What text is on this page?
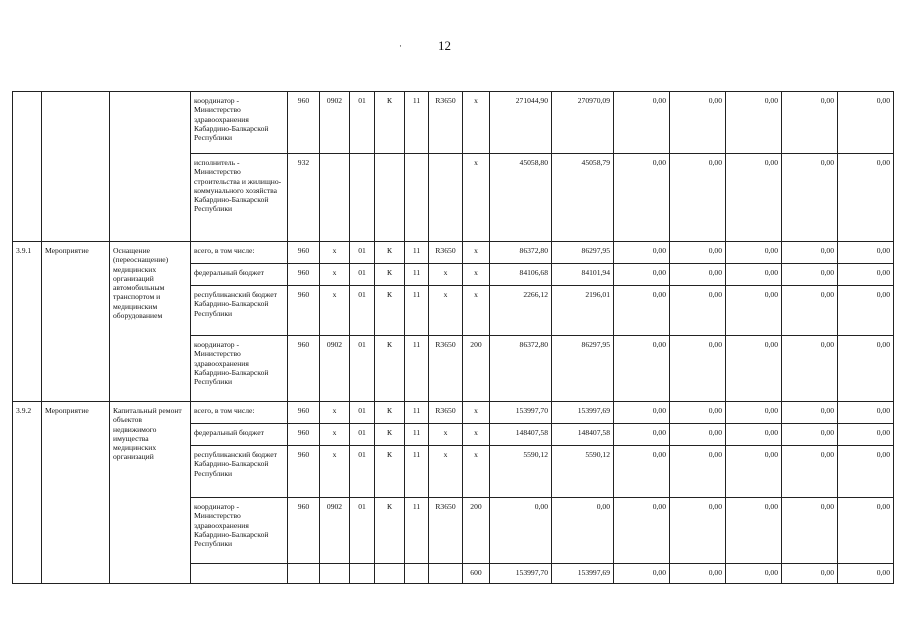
·	12
			координатор - Министерство здравоохранения Кабардино-Балкарской Республики	960	0902	01	К	11	R3650	х	271044,90	270970,09	0,00	0,00	0,00	0,00	0,00
			исполнитель - Министерство строительства и жилищно-коммунального хозяйства Кабардино-Балкарской Республики	932						х	45058,80	45058,79	0,00	0,00	0,00	0,00	0,00
3.9.1	Мероприятие	Оснащение (переоснащение) медицинских организаций автомобильным транспортом и медицинским оборудованием	всего, в том числе:	960	х	01	К	11	R3650	х	86372,80	86297,95	0,00	0,00	0,00	0,00	0,00
			федеральный бюджет	960	х	01	К	11	х	х	84106,68	84101,94	0,00	0,00	0,00	0,00	0,00
			республиканский бюджет Кабардино-Балкарской Республики	960	х	01	К	11	х	х	2266,12	2196,01	0,00	0,00	0,00	0,00	0,00
			координатор - Министерство здравоохранения Кабардино-Балкарской Республики	960	0902	01	К	11	R3650	200	86372,80	86297,95	0,00	0,00	0,00	0,00	0,00
3.9.2	Мероприятие	Капитальный ремонт объектов недвижимого имущества медицинских организаций	всего, в том числе:	960	х	01	К	11	R3650	х	153997,70	153997,69	0,00	0,00	0,00	0,00	0,00
			федеральный бюджет	960	х	01	К	11	х	х	148407,58	148407,58	0,00	0,00	0,00	0,00	0,00
			республиканский бюджет Кабардино-Балкарской Республики	960	х	01	К	11	х	х	5590,12	5590,12	0,00	0,00	0,00	0,00	0,00
			координатор - Министерство здравоохранения Кабардино-Балкарской Республики	960	0902	01	К	11	R3650	200	0,00	0,00	0,00	0,00	0,00	0,00	0,00
										600	153997,70	153997,69	0,00	0,00	0,00	0,00	0,00
